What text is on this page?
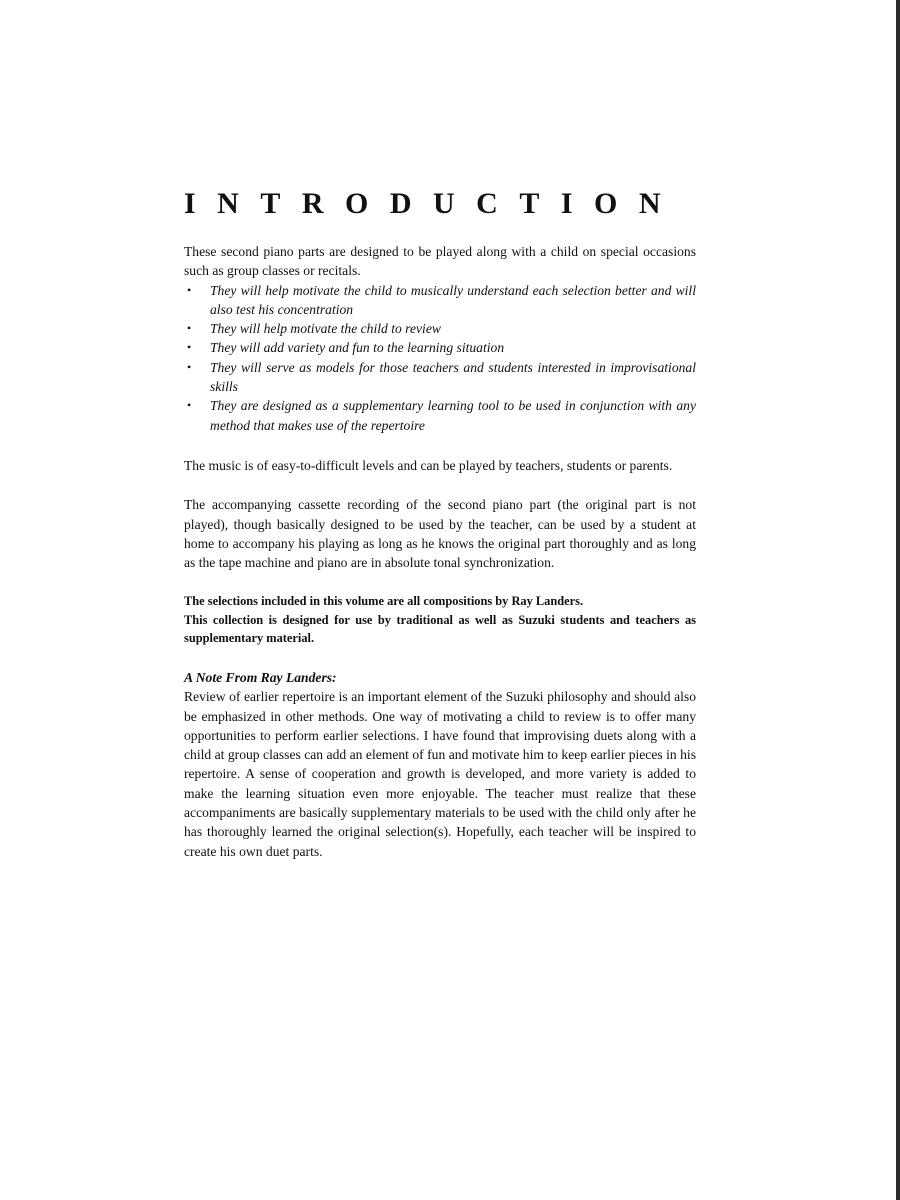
INTRODUCTION

These second piano parts are designed to be played along with a child on special occasions such as group classes or recitals.

• They will help motivate the child to musically understand each selection better and will also test his concentration
• They will help motivate the child to review
• They will add variety and fun to the learning situation
• They will serve as models for those teachers and students interested in improvisational skills
• They are designed as a supplementary learning tool to be used in conjunction with any method that makes use of the repertoire

The music is of easy-to-difficult levels and can be played by teachers, students or parents.

The accompanying cassette recording of the second piano part (the original part is not played), though basically designed to be used by the teacher, can be used by a student at home to accompany his playing as long as he knows the original part thoroughly and as long as the tape machine and piano are in absolute tonal synchronization.

The selections included in this volume are all compositions by Ray Landers.

This collection is designed for use by traditional as well as Suzuki students and teachers as supplementary material.

A Note From Ray Landers:

Review of earlier repertoire is an important element of the Suzuki philosophy and should also be emphasized in other methods. One way of motivating a child to review is to offer many opportunities to perform earlier selections. I have found that improvising duets along with a child at group classes can add an element of fun and motivate him to keep earlier pieces in his repertoire. A sense of cooperation and growth is developed, and more variety is added to make the learning situation even more enjoyable. The teacher must realize that these accompaniments are basically supplementary materials to be used with the child only after he has thoroughly learned the original selection(s). Hopefully, each teacher will be inspired to create his own duet parts.
